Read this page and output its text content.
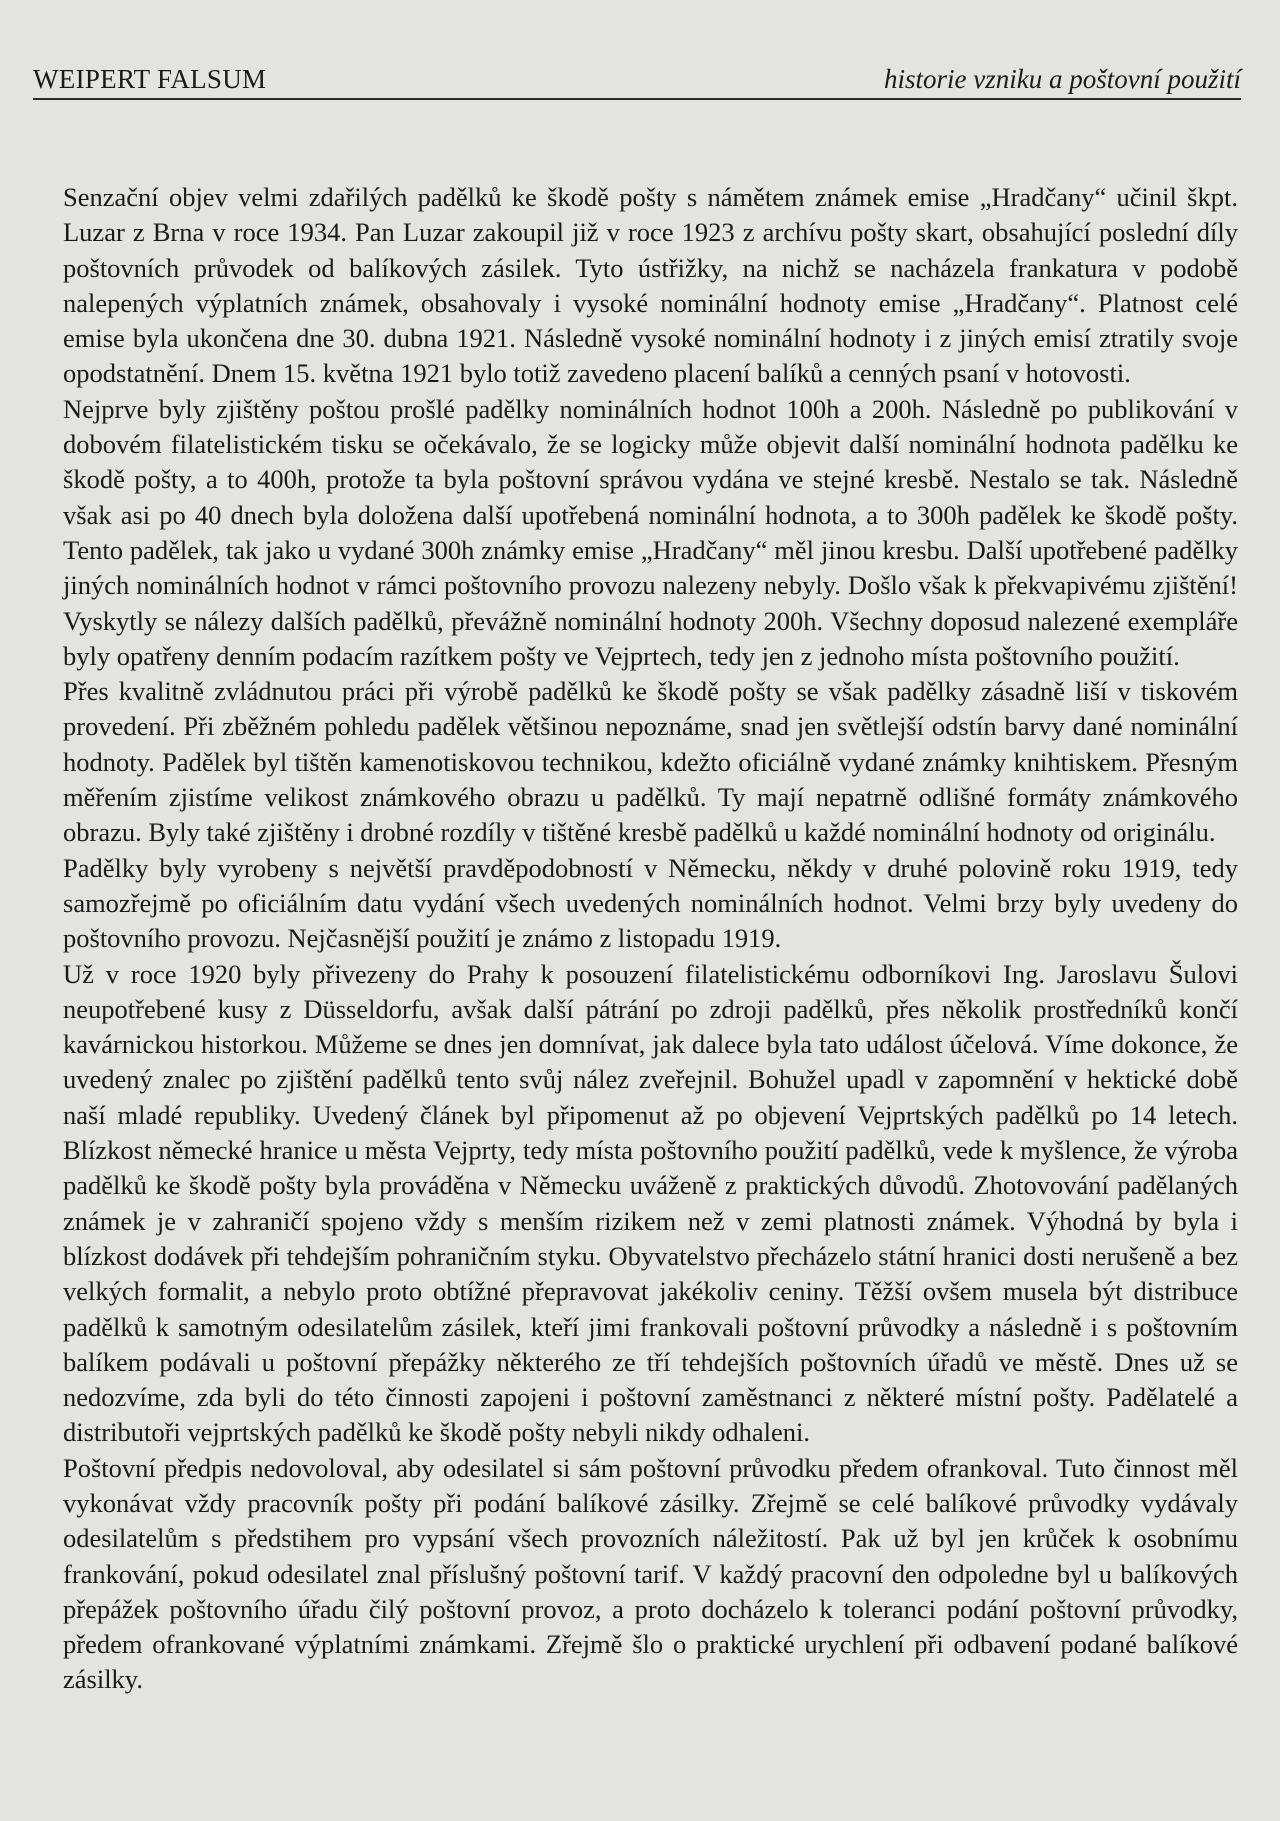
WEIPERT FALSUM	historie vzniku a poštovní použití

Senzační objev velmi zdařilých padělků ke škodě pošty s námětem známek emise „Hradčany“ učinil škpt. Luzar z Brna v roce 1934. Pan Luzar zakoupil již v roce 1923 z archívu pošty skart, obsahující poslední díly poštovních průvodek od balíkových zásilek. Tyto ústřižky, na nichž se nacházela frankatura v podobě nalepených výplatních známek, obsahovaly i vysoké nominální hodnoty emise „Hradčany“. Platnost celé emise byla ukončena dne 30. dubna 1921. Následně vysoké nominální hodnoty i z jiných emisí ztratily svoje opodstatnění. Dnem 15. května 1921 bylo totiž zavedeno placení balíků a cenných psaní v hotovosti.

Nejprve byly zjištěny poštou prošlé padělky nominálních hodnot 100h a 200h. Následně po publikování v dobovém filatelistickém tisku se očekávalo, že se logicky může objevit další nominální hodnota padělku ke škodě pošty, a to 400h, protože ta byla poštovní správou vydána ve stejné kresbě. Nestalo se tak. Následně však asi po 40 dnech byla doložena další upotřebená nominální hodnota, a to 300h padělek ke škodě pošty. Tento padělek, tak jako u vydané 300h známky emise „Hradčany“ měl jinou kresbu. Další upotřebené padělky jiných nominálních hodnot v rámci poštovního provozu nalezeny nebyly. Došlo však k překvapivému zjištění! Vyskytly se nálezy dalších padělků, převážně nominální hodnoty 200h. Všechny doposud nalezené exempláře byly opatřeny denním podacím razítkem pošty ve Vejprtech, tedy jen z jednoho místa poštovního použití.

Přes kvalitně zvládnutou práci při výrobě padělků ke škodě pošty se však padělky zásadně liší v tiskovém provedení. Při zběžném pohledu padělek většinou nepoznáme, snad jen světlejší odstín barvy dané nominální hodnoty. Padělek byl tištěn kamenotiskovou technikou, kdežto oficiálně vydané známky knihtiskem. Přesným měřením zjistíme velikost známkového obrazu u padělků. Ty mají nepatrně odlišné formáty známkového obrazu. Byly také zjištěny i drobné rozdíly v tištěné kresbě padělků u každé nominální hodnoty od originálu.

Padělky byly vyrobeny s největší pravděpodobností v Německu, někdy v druhé polovině roku 1919, tedy samozřejmě po oficiálním datu vydání všech uvedených nominálních hodnot. Velmi brzy byly uvedeny do poštovního provozu. Nejčasnější použití je známo z listopadu 1919.

Už v roce 1920 byly přivezeny do Prahy k posouzení filatelistickému odborníkovi Ing. Jaroslavu Šulovi neupotřebené kusy z Düsseldorfu, avšak další pátrání po zdroji padělků, přes několik prostředníků končí kavárnickou historkou. Můžeme se dnes jen domnívat, jak dalece byla tato událost účelová. Víme dokonce, že uvedený znalec po zjištění padělků tento svůj nález zveřejnil. Bohužel upadl v zapomnění v hektické době naší mladé republiky. Uvedený článek byl připomenut až po objevení Vejprtských padělků po 14 letech. Blízkost německé hranice u města Vejprty, tedy místa poštovního použití padělků, vede k myšlence, že výroba padělků ke škodě pošty byla prováděna v Německu uváženě z praktických důvodů. Zhotovování padělaných známek je v zahraničí spojeno vždy s menším rizikem než v zemi platnosti známek. Výhodná by byla i blízkost dodávek při tehdejším pohraničním styku. Obyvatelstvo přecházelo státní hranici dosti nerušeně a bez velkých formalit, a nebylo proto obtížné přepravovat jakékoliv ceniny. Těžší ovšem musela být distribuce padělků k samotným odesilatelům zásilek, kteří jimi frankovali poštovní průvodky a následně i s poštovním balíkem podávali u poštovní přepážky některého ze tří tehdejších poštovních úřadů ve městě. Dnes už se nedozvíme, zda byli do této činnosti zapojeni i poštovní zaměstnanci z některé místní pošty. Padělatelé a distributoři vejprtských padělků ke škodě pošty nebyli nikdy odhaleni.

Poštovní předpis nedovoloval, aby odesilatel si sám poštovní průvodku předem ofrankoval. Tuto činnost měl vykonávat vždy pracovník pošty při podání balíkové zásilky. Zřejmě se celé balíkové průvodky vydávaly odesilatelům s předstihem pro vypsání všech provozních náležitostí. Pak už byl jen krůček k osobnímu frankování, pokud odesilatel znal příslušný poštovní tarif. V každý pracovní den odpoledne byl u balíkových přepážek poštovního úřadu čilý poštovní provoz, a proto docházelo k toleranci podání poštovní průvodky, předem ofrankované výplatními známkami. Zřejmě šlo o praktické urychlení při odbavení podané balíkové zásilky.
